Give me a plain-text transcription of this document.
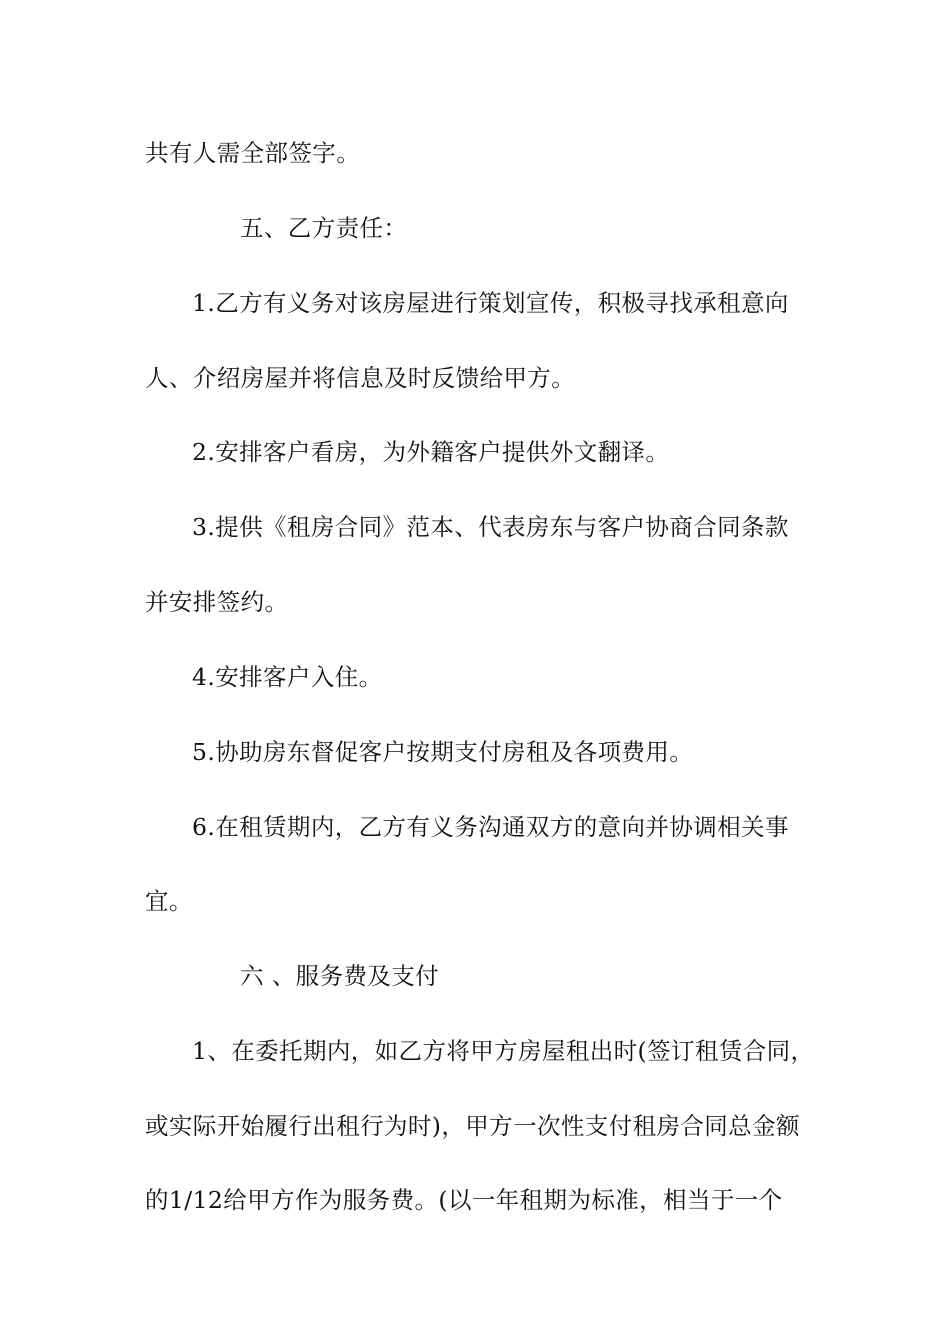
共有人需全部签字。
五、乙方责任：
1.乙方有义务对该房屋进行策划宣传，积极寻找承租意向
人、介绍房屋并将信息及时反馈给甲方。
2.安排客户看房，为外籍客户提供外文翻译。
3.提供《租房合同》范本、代表房东与客户协商合同条款
并安排签约。
4.安排客户入住。
5.协助房东督促客户按期支付房租及各项费用。
6.在租赁期内，乙方有义务沟通双方的意向并协调相关事
宜。
六 、服务费及支付
1、在委托期内，如乙方将甲方房屋租出时(签订租赁合同，
或实际开始履行出租行为时)，甲方一次性支付租房合同总金额
的1/12给甲方作为服务费。(以一年租期为标准，相当于一个
